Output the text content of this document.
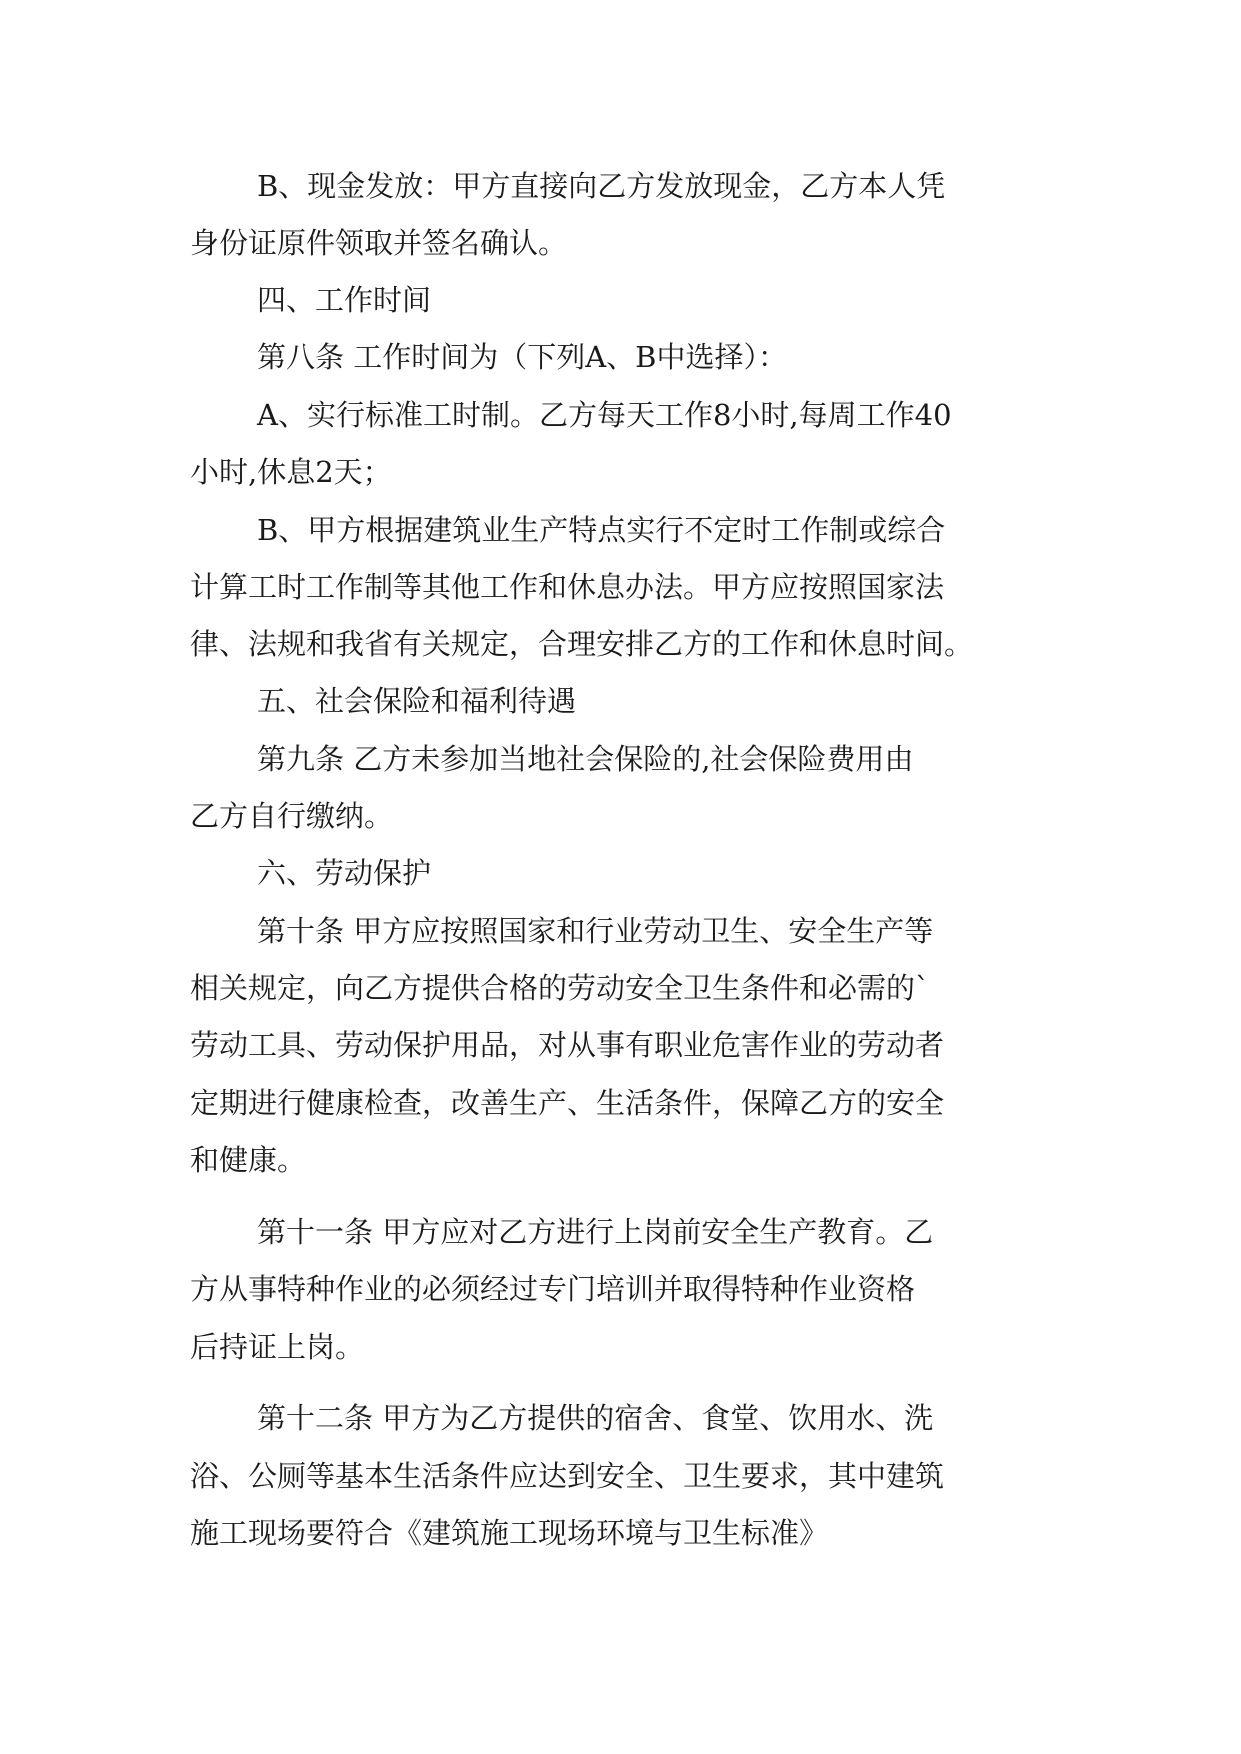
B、现金发放：甲方直接向乙方发放现金，乙方本人凭
身份证原件领取并签名确认。
四、工作时间
第八条 工作时间为（下列A、B中选择）：
A、实行标准工时制。乙方每天工作8小时,每周工作40
小时,休息2天；
B、甲方根据建筑业生产特点实行不定时工作制或综合
计算工时工作制等其他工作和休息办法。甲方应按照国家法
律、法规和我省有关规定，合理安排乙方的工作和休息时间。
五、社会保险和福利待遇
第九条 乙方未参加当地社会保险的,社会保险费用由
乙方自行缴纳。
六、劳动保护
第十条 甲方应按照国家和行业劳动卫生、安全生产等
相关规定，向乙方提供合格的劳动安全卫生条件和必需的`
劳动工具、劳动保护用品，对从事有职业危害作业的劳动者
定期进行健康检查，改善生产、生活条件，保障乙方的安全
和健康。
第十一条 甲方应对乙方进行上岗前安全生产教育。乙
方从事特种作业的必须经过专门培训并取得特种作业资格
后持证上岗。
第十二条 甲方为乙方提供的宿舍、食堂、饮用水、洗
浴、公厕等基本生活条件应达到安全、卫生要求，其中建筑
施工现场要符合《建筑施工现场环境与卫生标准》
